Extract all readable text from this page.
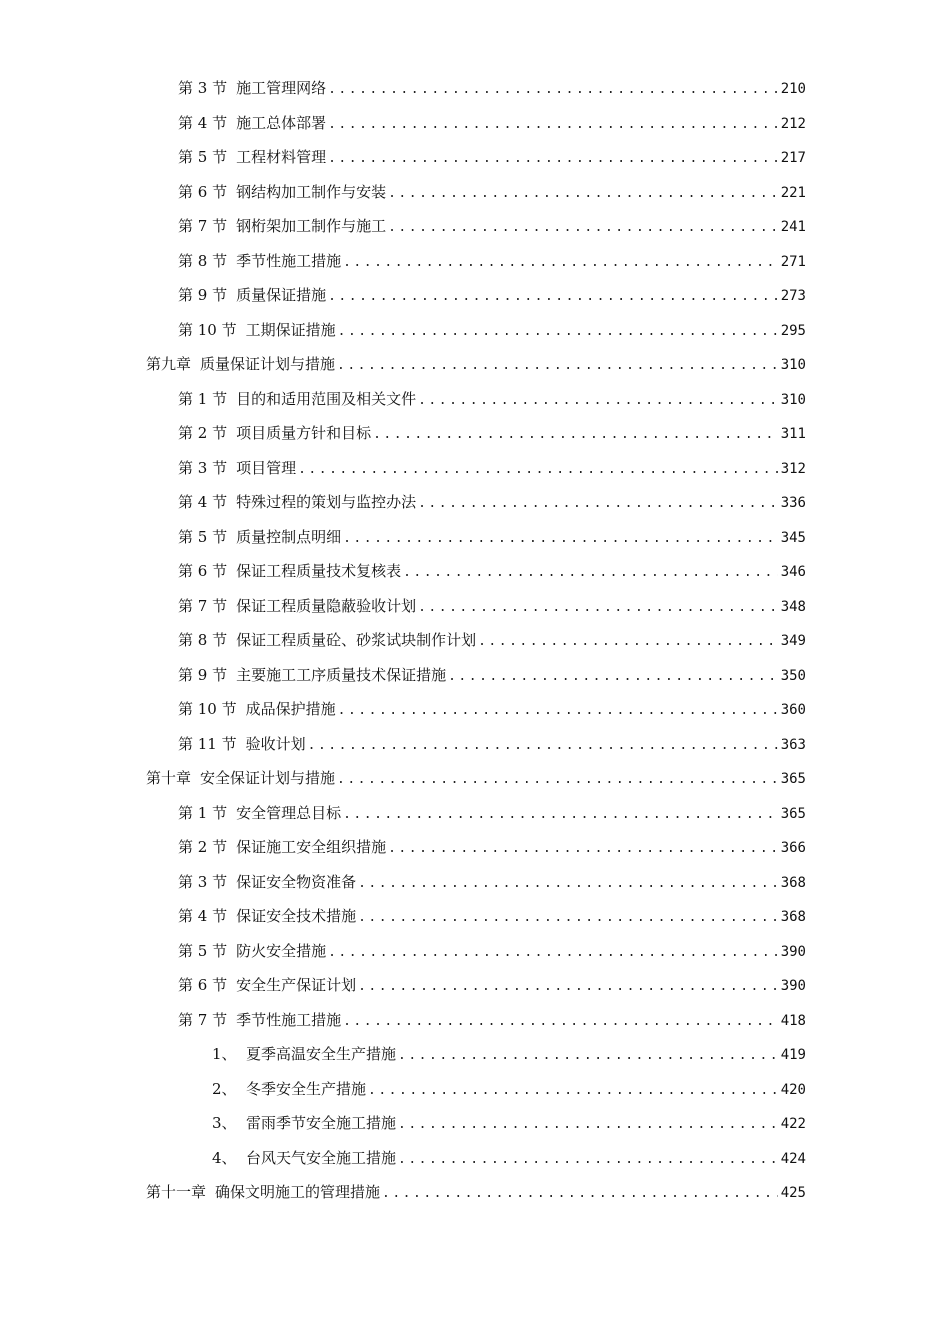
第 3 节 施工管理网络 .....	210
第 4 节 施工总体部署 .....	212
第 5 节 工程材料管理 .....	217
第 6 节 钢结构加工制作与安装 .....	221
第 7 节 钢桁架加工制作与施工 .....	241
第 8 节 季节性施工措施 .....	271
第 9 节 质量保证措施 .....	273
第 10 节 工期保证措施 .....	295
第九章 质量保证计划与措施 .....	310
第 1 节 目的和适用范围及相关文件 .....	310
第 2 节 项目质量方针和目标 .....	311
第 3 节 项目管理 .....	312
第 4 节 特殊过程的策划与监控办法 .....	336
第 5 节 质量控制点明细 .....	345
第 6 节 保证工程质量技术复核表 .....	346
第 7 节 保证工程质量隐蔽验收计划 .....	348
第 8 节 保证工程质量砼、砂浆试块制作计划 .....	349
第 9 节 主要施工工序质量技术保证措施 .....	350
第 10 节 成品保护措施 .....	360
第 11 节 验收计划 .....	363
第十章 安全保证计划与措施 .....	365
第 1 节 安全管理总目标 .....	365
第 2 节 保证施工安全组织措施 .....	366
第 3 节 保证安全物资准备 .....	368
第 4 节 保证安全技术措施 .....	368
第 5 节 防火安全措施 .....	390
第 6 节 安全生产保证计划 .....	390
第 7 节 季节性施工措施 .....	418
1、 夏季高温安全生产措施 .....	419
2、 冬季安全生产措施 .....	420
3、 雷雨季节安全施工措施 .....	422
4、 台风天气安全施工措施 .....	424
第十一章 确保文明施工的管理措施 .....	425
